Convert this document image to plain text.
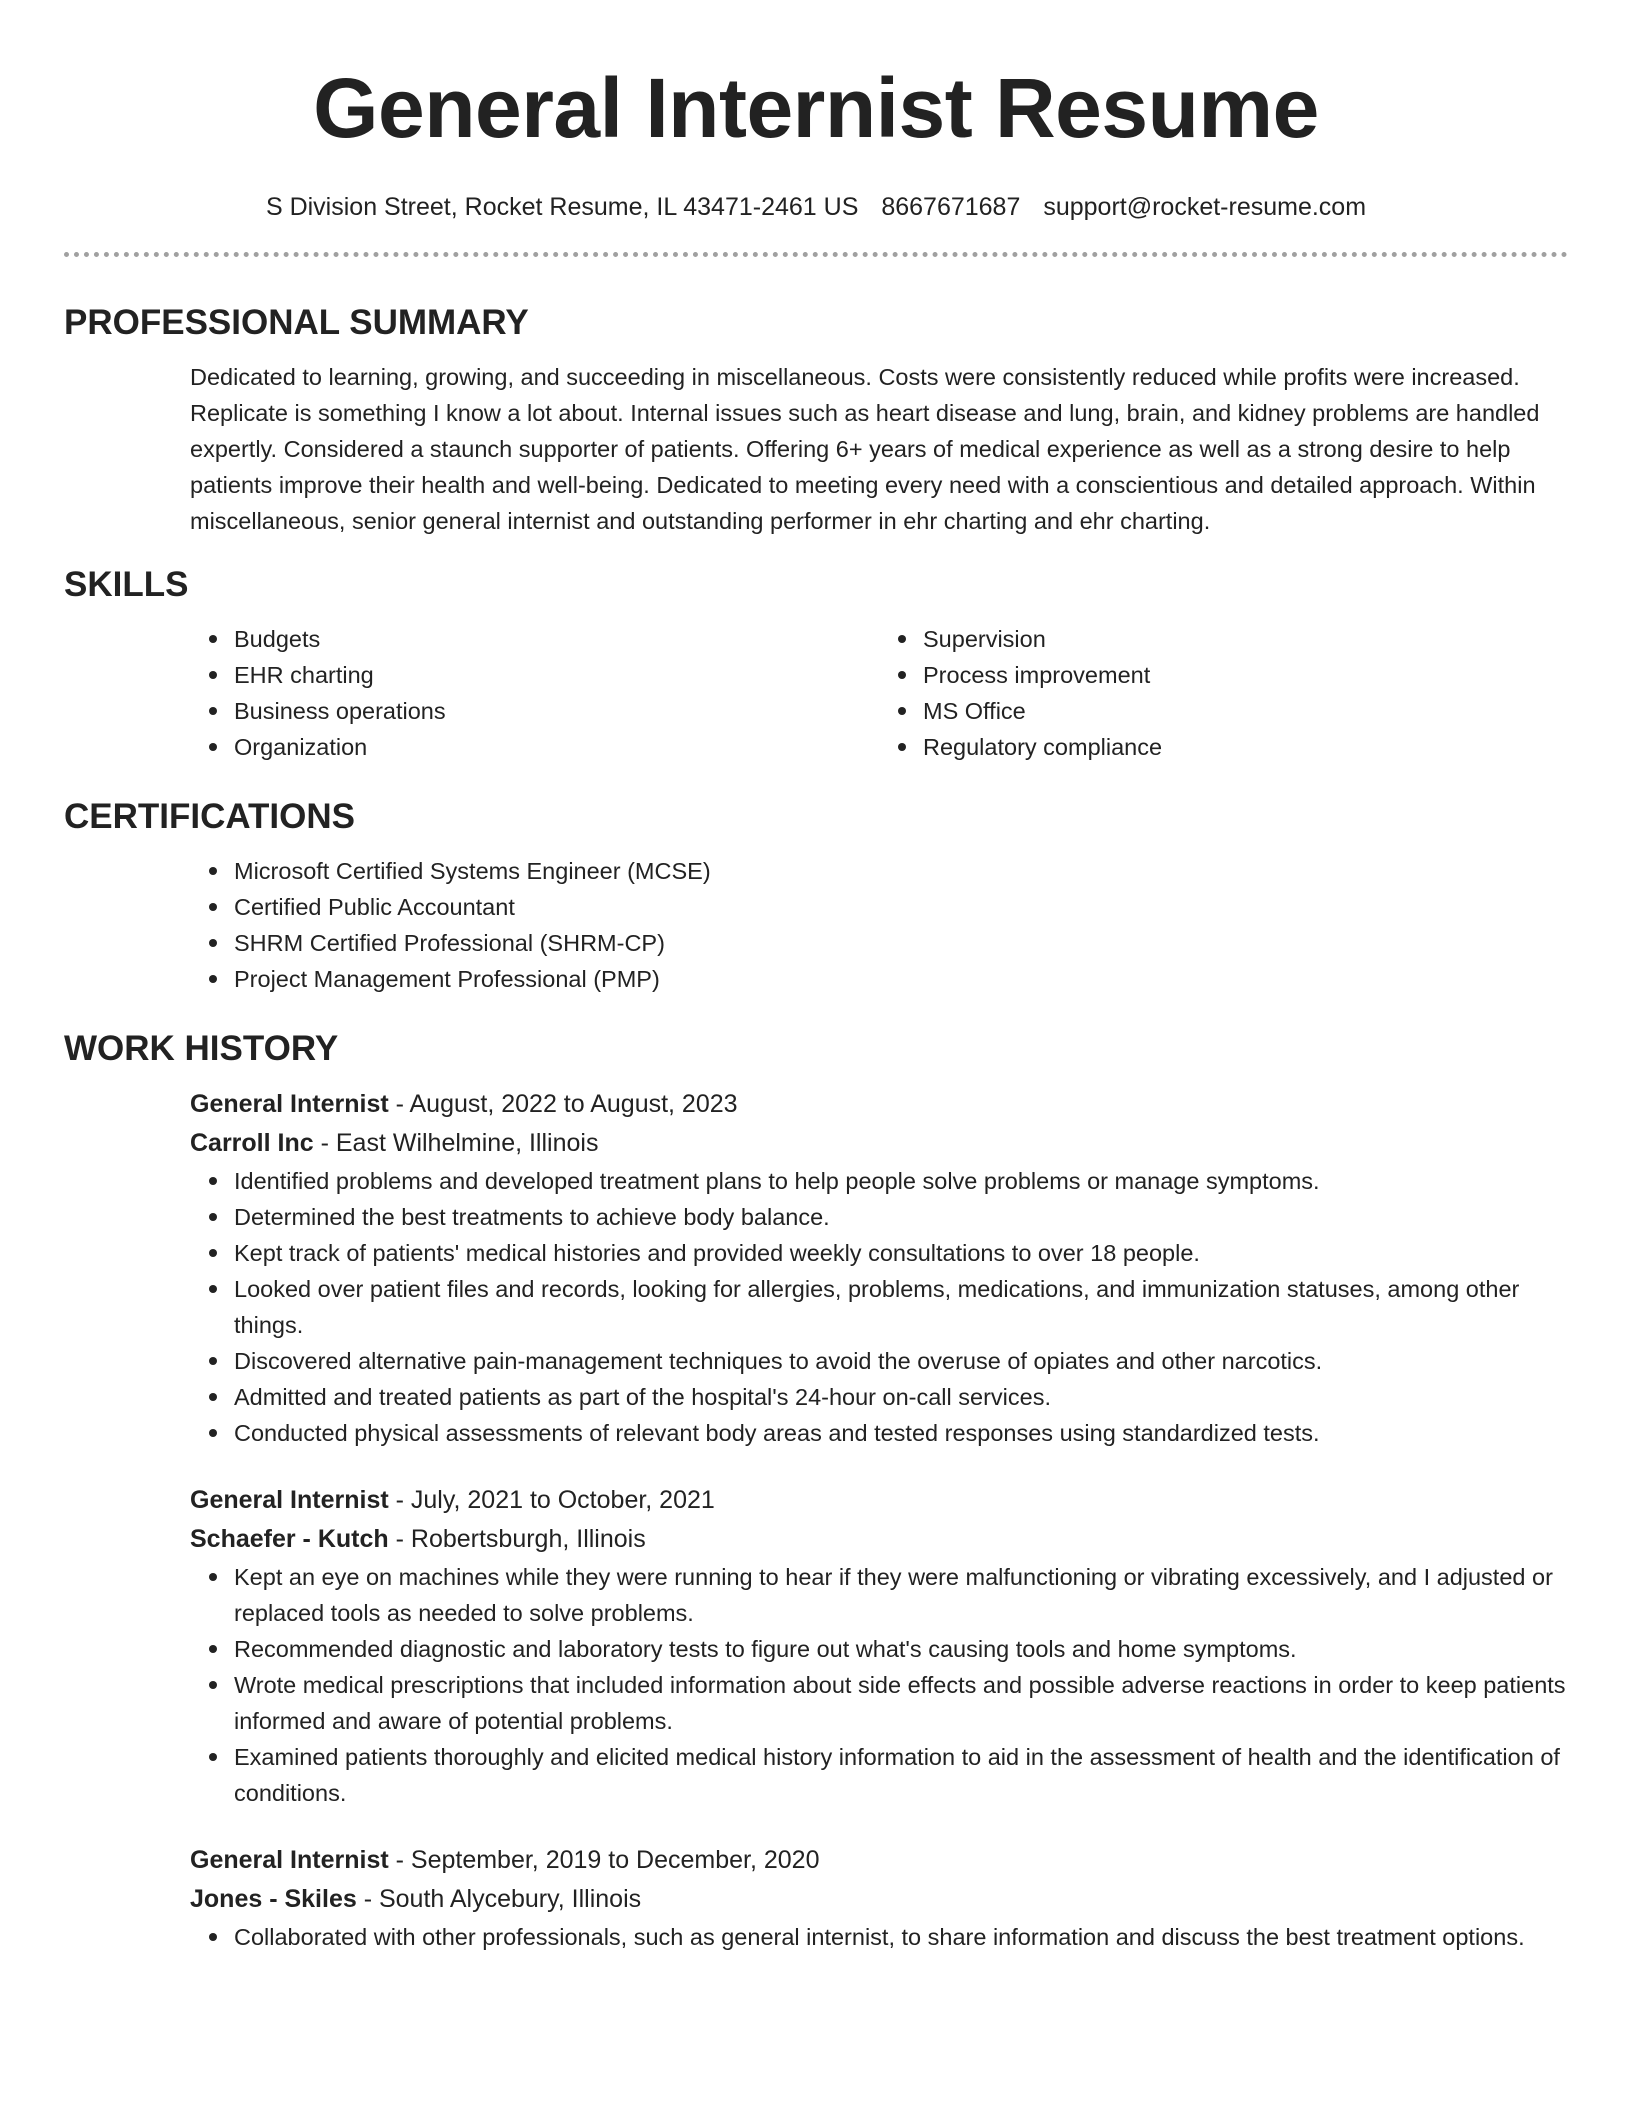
General Internist Resume
S Division Street, Rocket Resume, IL 43471-2461 US 8667671687 support@rocket-resume.com
PROFESSIONAL SUMMARY

Dedicated to learning, growing, and succeeding in miscellaneous. Costs were consistently reduced while profits were increased. Replicate is something I know a lot about. Internal issues such as heart disease and lung, brain, and kidney problems are handled expertly. Considered a staunch supporter of patients. Offering 6+ years of medical experience as well as a strong desire to help patients improve their health and well-being. Dedicated to meeting every need with a conscientious and detailed approach. Within miscellaneous, senior general internist and outstanding performer in ehr charting and ehr charting.

SKILLS
Budgets
EHR charting
Business operations
Organization
Supervision
Process improvement
MS Office
Regulatory compliance
CERTIFICATIONS
Microsoft Certified Systems Engineer (MCSE)
Certified Public Accountant
SHRM Certified Professional (SHRM-CP)
Project Management Professional (PMP)
WORK HISTORY
General Internist - August, 2022 to August, 2023
Carroll Inc - East Wilhelmine, Illinois
Identified problems and developed treatment plans to help people solve problems or manage symptoms.
Determined the best treatments to achieve body balance.
Kept track of patients' medical histories and provided weekly consultations to over 18 people.
Looked over patient files and records, looking for allergies, problems, medications, and immunization statuses, among other things.
Discovered alternative pain-management techniques to avoid the overuse of opiates and other narcotics.
Admitted and treated patients as part of the hospital's 24-hour on-call services.
Conducted physical assessments of relevant body areas and tested responses using standardized tests.
General Internist - July, 2021 to October, 2021
Schaefer - Kutch - Robertsburgh, Illinois
Kept an eye on machines while they were running to hear if they were malfunctioning or vibrating excessively, and I adjusted or replaced tools as needed to solve problems.
Recommended diagnostic and laboratory tests to figure out what's causing tools and home symptoms.
Wrote medical prescriptions that included information about side effects and possible adverse reactions in order to keep patients informed and aware of potential problems.
Examined patients thoroughly and elicited medical history information to aid in the assessment of health and the identification of conditions.
General Internist - September, 2019 to December, 2020
Jones - Skiles - South Alycebury, Illinois
Collaborated with other professionals, such as general internist, to share information and discuss the best treatment options.
